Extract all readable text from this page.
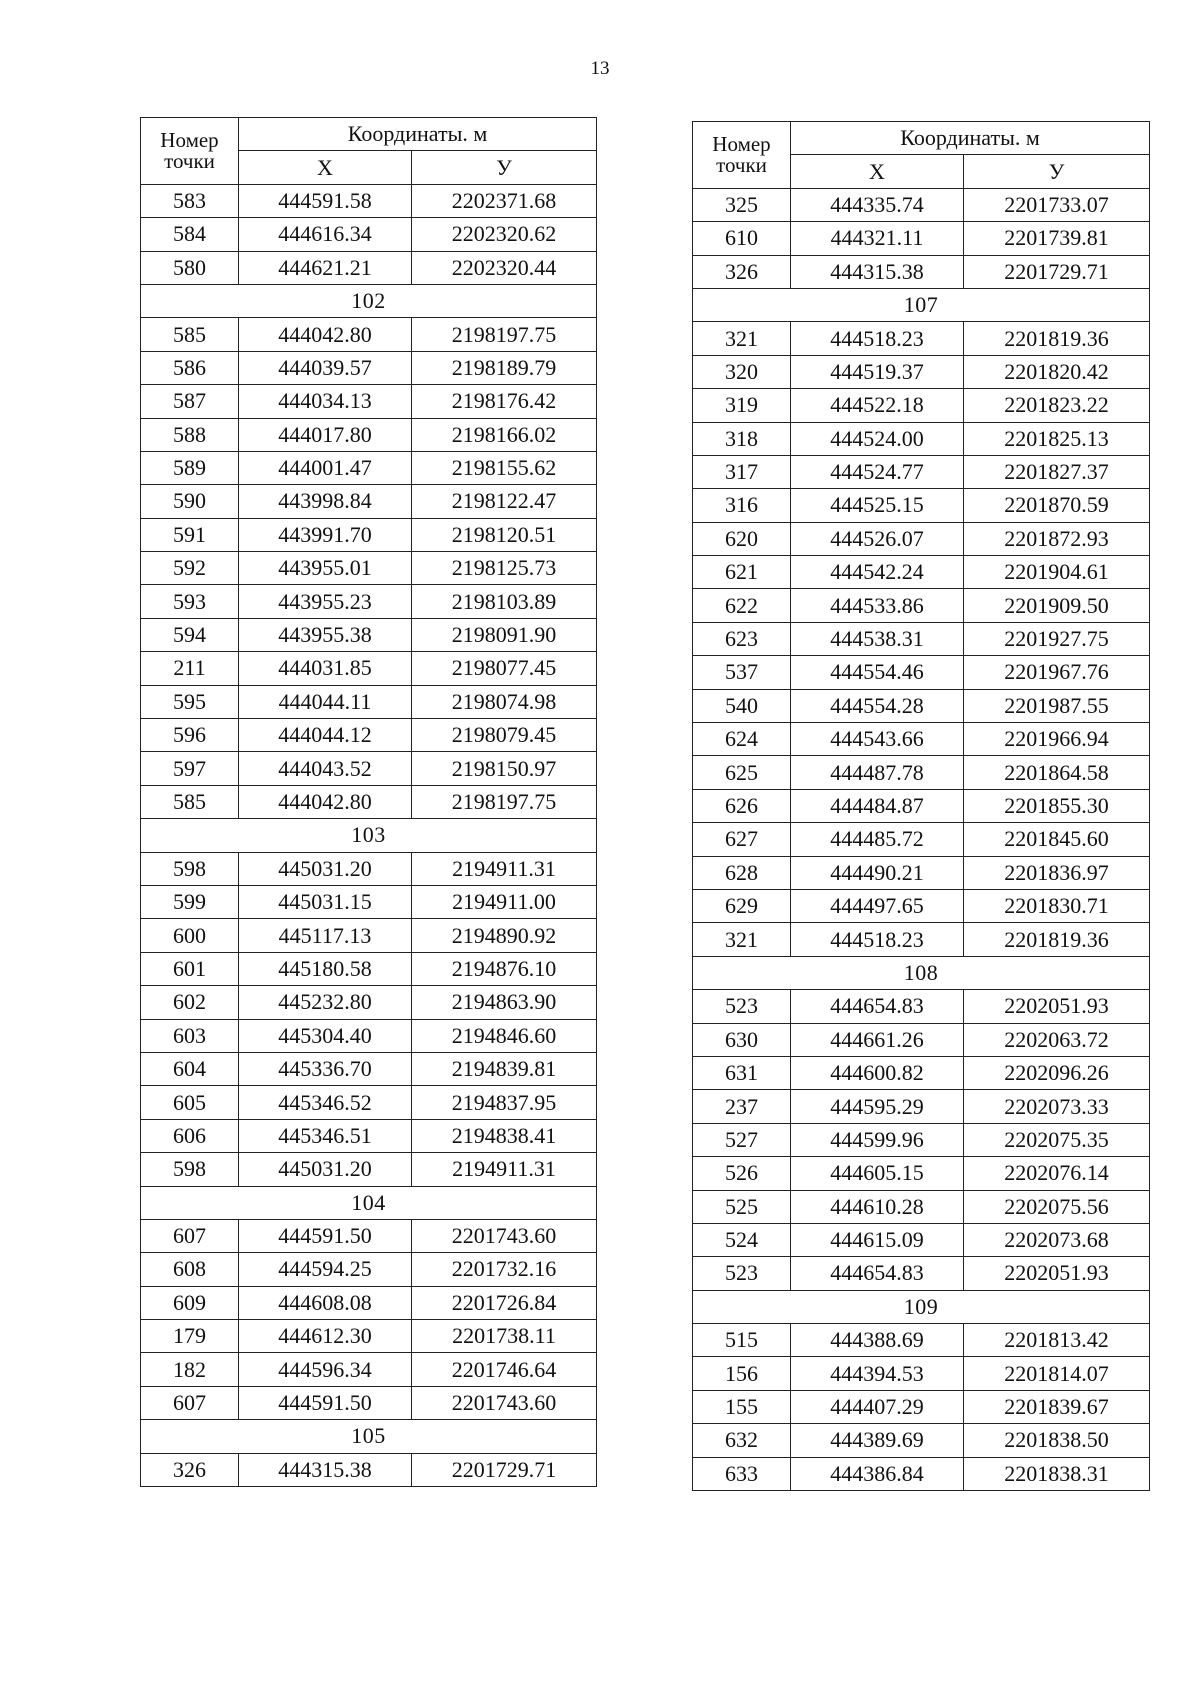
13
Номер точки	Координаты. м	
	X	У
583	444591.58	2202371.68
584	444616.34	2202320.62
580	444621.21	2202320.44
102		
585	444042.80	2198197.75
586	444039.57	2198189.79
587	444034.13	2198176.42
588	444017.80	2198166.02
589	444001.47	2198155.62
590	443998.84	2198122.47
591	443991.70	2198120.51
592	443955.01	2198125.73
593	443955.23	2198103.89
594	443955.38	2198091.90
211	444031.85	2198077.45
595	444044.11	2198074.98
596	444044.12	2198079.45
597	444043.52	2198150.97
585	444042.80	2198197.75
103		
598	445031.20	2194911.31
599	445031.15	2194911.00
600	445117.13	2194890.92
601	445180.58	2194876.10
602	445232.80	2194863.90
603	445304.40	2194846.60
604	445336.70	2194839.81
605	445346.52	2194837.95
606	445346.51	2194838.41
598	445031.20	2194911.31
104		
607	444591.50	2201743.60
608	444594.25	2201732.16
609	444608.08	2201726.84
179	444612.30	2201738.11
182	444596.34	2201746.64
607	444591.50	2201743.60
105		
326	444315.38	2201729.71
Номер точки	Координаты. м	
	X	У
325	444335.74	2201733.07
610	444321.11	2201739.81
326	444315.38	2201729.71
107		
321	444518.23	2201819.36
320	444519.37	2201820.42
319	444522.18	2201823.22
318	444524.00	2201825.13
317	444524.77	2201827.37
316	444525.15	2201870.59
620	444526.07	2201872.93
621	444542.24	2201904.61
622	444533.86	2201909.50
623	444538.31	2201927.75
537	444554.46	2201967.76
540	444554.28	2201987.55
624	444543.66	2201966.94
625	444487.78	2201864.58
626	444484.87	2201855.30
627	444485.72	2201845.60
628	444490.21	2201836.97
629	444497.65	2201830.71
321	444518.23	2201819.36
108		
523	444654.83	2202051.93
630	444661.26	2202063.72
631	444600.82	2202096.26
237	444595.29	2202073.33
527	444599.96	2202075.35
526	444605.15	2202076.14
525	444610.28	2202075.56
524	444615.09	2202073.68
523	444654.83	2202051.93
109		
515	444388.69	2201813.42
156	444394.53	2201814.07
155	444407.29	2201839.67
632	444389.69	2201838.50
633	444386.84	2201838.31
